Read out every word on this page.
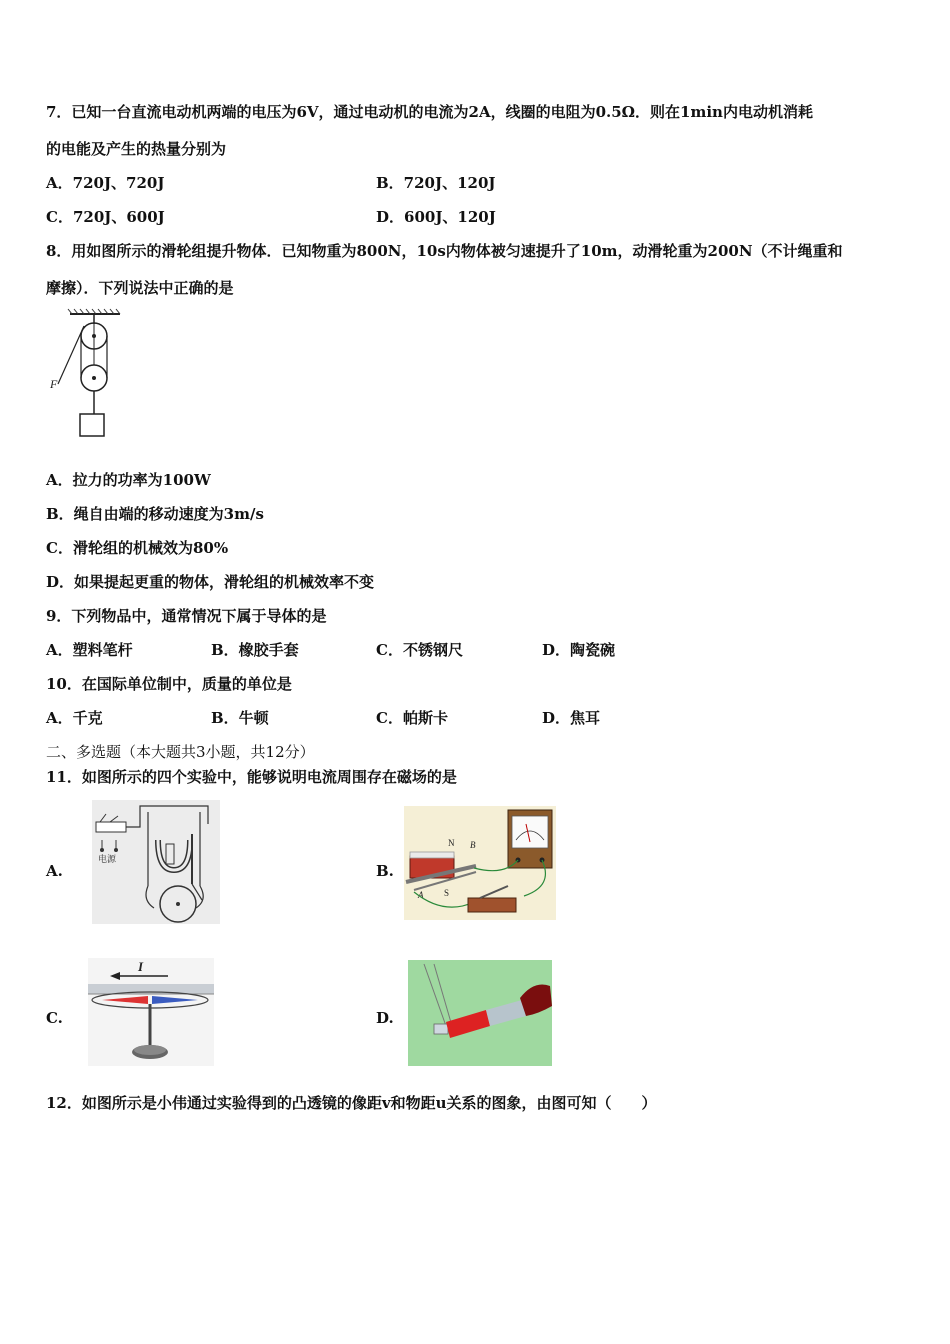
7．已知一台直流电动机两端的电压为6V，通过电动机的电流为2A，线圈的电阻为0.5Ω．则在1min内电动机消耗
的电能及产生的热量分别为
A．720J、720J	B．720J、120J
C．720J、600J	D．600J、120J
8．用如图所示的滑轮组提升物体．已知物重为800N，10s内物体被匀速提升了10m，动滑轮重为200N（不计绳重和
摩擦）．下列说法中正确的是
F
A．拉力的功率为100W
B．绳自由端的移动速度为3m/s
C．滑轮组的机械效为80%
D．如果提起更重的物体，滑轮组的机械效率不变
9．下列物品中，通常情况下属于导体的是
A．塑料笔杆	B．橡胶手套	C．不锈钢尺	D．陶瓷碗
10．在国际单位制中，质量的单位是
A．千克	B．牛顿	C．帕斯卡	D．焦耳
二、多选题（本大题共3小题，共12分）
11．如图所示的四个实验中，能够说明电流周围存在磁场的是
A.
电源
B.
N B
A S
C.
I
D.
12．如图所示是小伟通过实验得到的凸透镜的像距v和物距u关系的图象，由图可知（　　）
